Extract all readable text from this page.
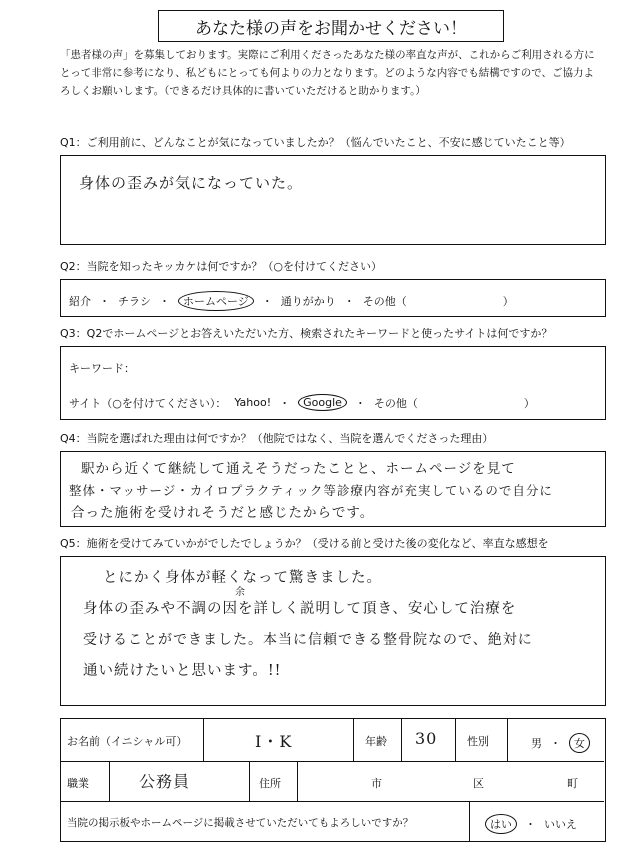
あなた様の声をお聞かせください！
「患者様の声」を募集しております。実際にご利用くださったあなた様の率直な声が、これからご利用される方にとって非常に参考になり、私どもにとっても何よりの力となります。どのような内容でも結構ですので、ご協力よろしくお願いします。（できるだけ具体的に書いていただけると助かります。）
Q1：ご利用前に、どんなことが気になっていましたか？（悩んでいたこと、不安に感じていたこと等）
身体の歪みが気になっていた。
Q2：当院を知ったキッカケは何ですか？（○を付けてください）
紹介 ・ チラシ ・	ホームページ	・ 通りがかり ・ その他（	）
Q3：Q2でホームページとお答えいただいた方、検索されたキーワードと使ったサイトは何ですか？
キーワード：
サイト（○を付けてください）： Yahoo! ・	Google	・ その他（	）
Q4：当院を選ばれた理由は何ですか？（他院ではなく、当院を選んでくださった理由）
駅から近くて継続して通えそうだったことと、ホームページを見て
整体・マッサージ・カイロプラクティック等診療内容が充実しているので自分に
合った施術を受けれそうだと感じたからです。
Q5：施術を受けてみていかがでしたでしょうか？（受ける前と受けた後の変化など、率直な感想を
余
とにかく身体が軽くなって驚きました。
身体の歪みや不調の因を詳しく説明して頂き、安心して治療を
受けることができました。本当に信頼できる整骨院なので、絶対に
通い続けたいと思います。!!
お名前（イニシャル可）	I・K	年齢 30	性別	男 ・	女
職業	公務員	住所	市	区	町
当院の掲示板やホームページに掲載させていただいてもよろしいですか？	はい	・ いいえ
